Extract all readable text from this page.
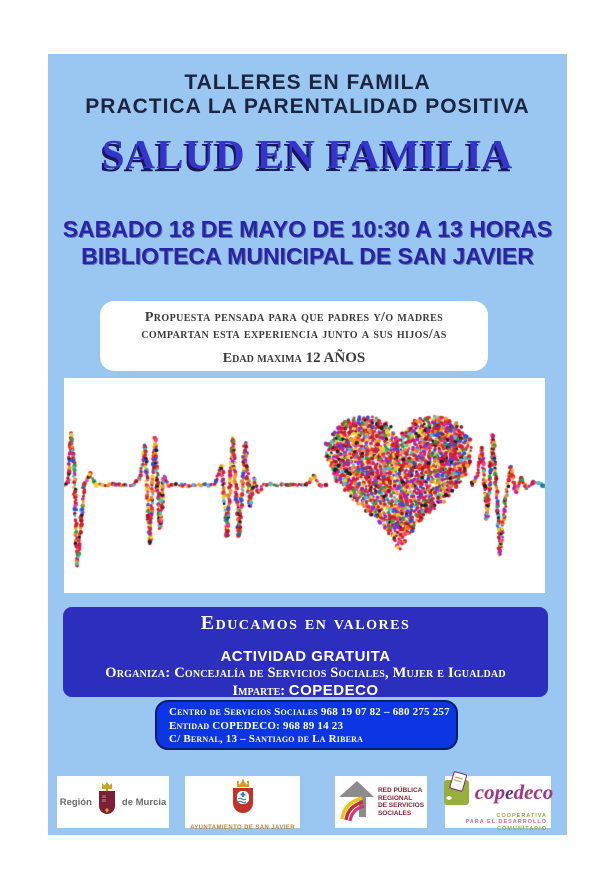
TALLERES EN FAMILA
PRACTICA LA PARENTALIDAD POSITIVA
SALUD EN FAMILIA
SABADO 18 DE MAYO DE 10:30 A 13 HORAS
BIBLIOTECA MUNICIPAL DE SAN JAVIER
Propuesta pensada para que padres y/o madres
compartan esta experiencia junto a sus hijos/as
Edad maxima 12 AÑOS
Educamos en valores
ACTIVIDAD GRATUITA
Organiza: Concejalía de Servicios Sociales, Mujer e Igualdad
Imparte: COPEDECO
Centro de Servicios Sociales 968 19 07 82 – 680 275 257
Entidad COPEDECO: 968 89 14 23
C/ Bernal, 13 – Santiago de La Ribera
Región	de Murcia
AYUNTAMIENTO DE SAN JAVIER
RED PÚBLICA
REGIONAL
DE SERVICIOS
SOCIALES
cop e deco
COOPERATIVA
PARA EL DESARROLLO
COMUNITARIO
